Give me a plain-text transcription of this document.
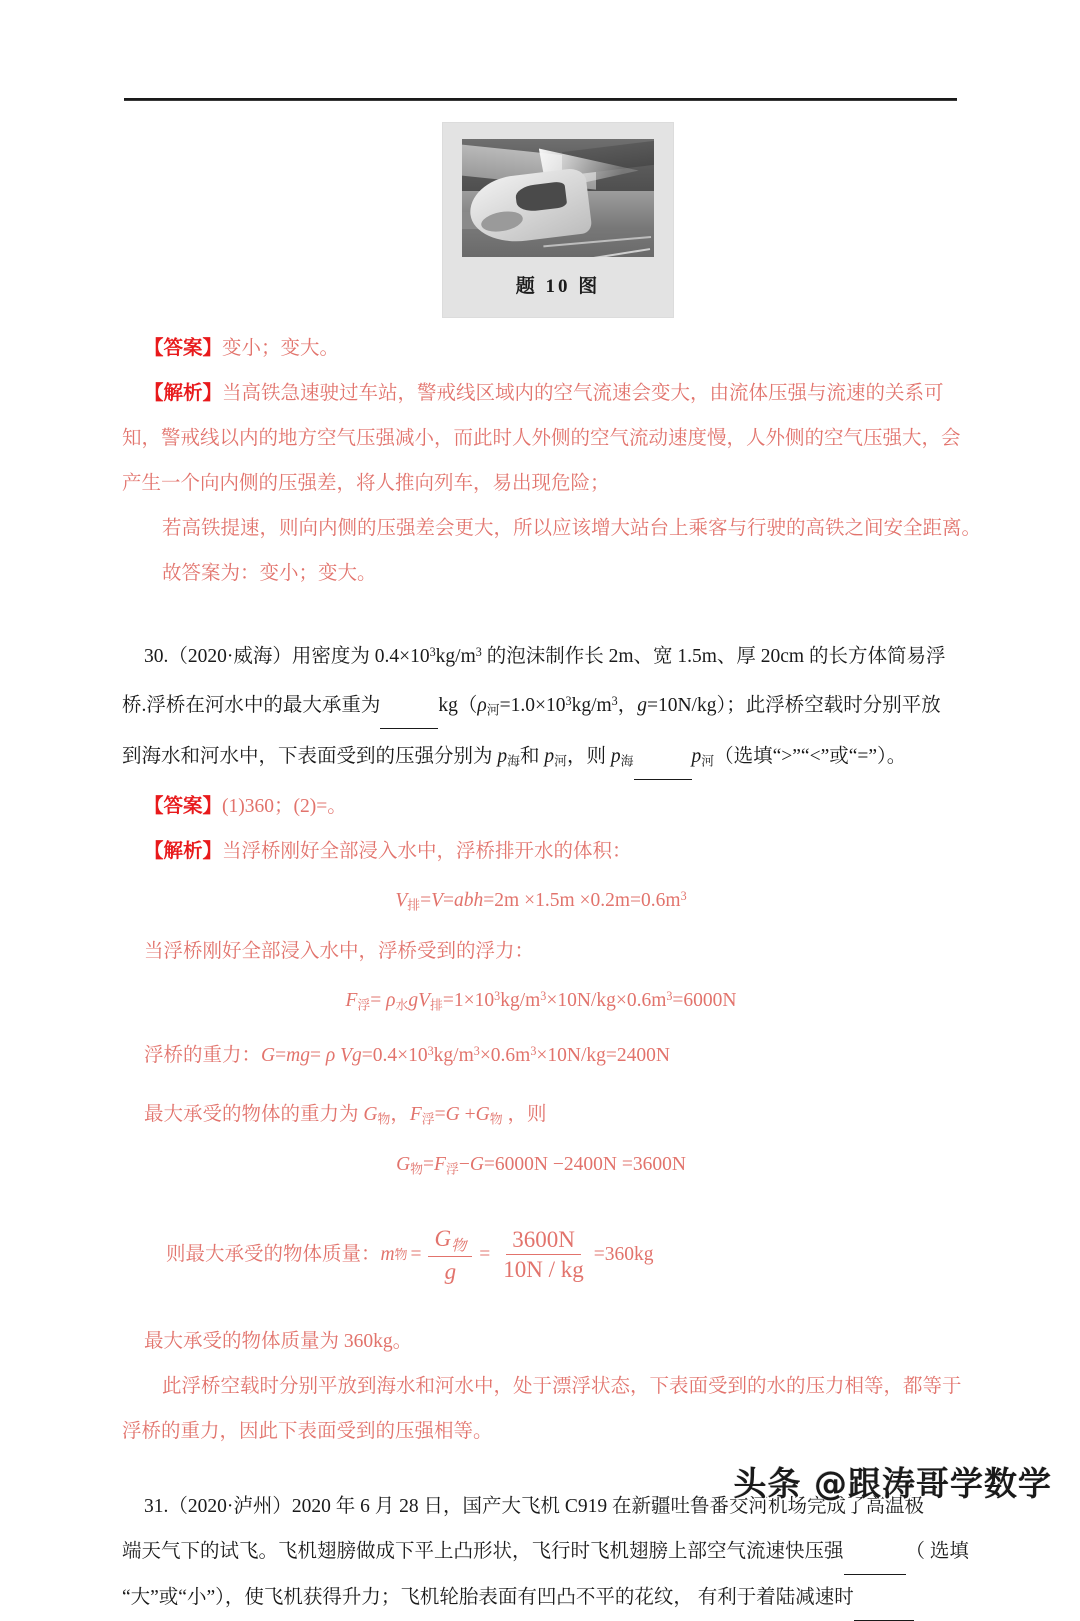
题 10 图

【答案】变小；变大。

【解析】当高铁急速驶过车站，警戒线区域内的空气流速会变大，由流体压强与流速的关系可

知，警戒线以内的地方空气压强减小，而此时人外侧的空气流动速度慢，人外侧的空气压强大，会

产生一个向内侧的压强差，将人推向列车，易出现危险；

若高铁提速，则向内侧的压强差会更大，所以应该增大站台上乘客与行驶的高铁之间安全距离。

故答案为：变小；变大。

30.（2020·威海）用密度为 $0.4\times 10^3kg/m^3$ 的泡沫制作长 2m、宽 1.5m、厚 20cm 的长方体简易浮

桥.浮桥在河水中的最大承重为	$kg(\rho_河=1.0\times 10^3kg/m^3$，g=10N/kg）；此浮桥空载时分别平放

到海水和河水中，下表面受到的压强分别为 $p_海$和 $p_河$，则 $p_海$	$p_河$（选填“>”“<”或“=”）。

【答案】(1)360；(2)=。

【解析】当浮桥刚好全部浸入水中，浮桥排开水的体积：

$V_排=V=abh=2m \times 1.5m \times 0.2m=0.6m^3$

当浮桥刚好全部浸入水中，浮桥受到的浮力：

$F_浮= \rho_水gV_排=1\times 10^3kg/m^3\times 10N/kg\times 0.6m^3=6000N$

浮桥的重力：G=mg= ρ $Vg=0.4\times 10^3kg/m^3\times 0.6m^3\times 10N/kg=2400N$

最大承受的物体的重力为 $G_物$，$F_浮=G +G_物$ ，则

$G_物=F_浮-G=6000N -2400N =3600N$

则最大承受的物体质量： m 物 = $\frac{G_物}{g} = \frac{3600N}{10N / kg} =360kg$

最大承受的物体质量为 360kg。

此浮桥空载时分别平放到海水和河水中，处于漂浮状态，下表面受到的水的压力相等，都等于

浮桥的重力，因此下表面受到的压强相等。

31.（2020·泸州）2020 年 6 月 28 日，国产大飞机 C919 在新疆吐鲁番交河机场完成了高温极

端天气下的试飞。飞机翅膀做成下平上凸形状，飞行时飞机翅膀上部空气流速快压强	（ 选填

“大”或“小”），使飞机获得升力；飞机轮胎表面有凹凸不平的花纹， 有利于着陆减速时

头条 @跟涛哥学数学
